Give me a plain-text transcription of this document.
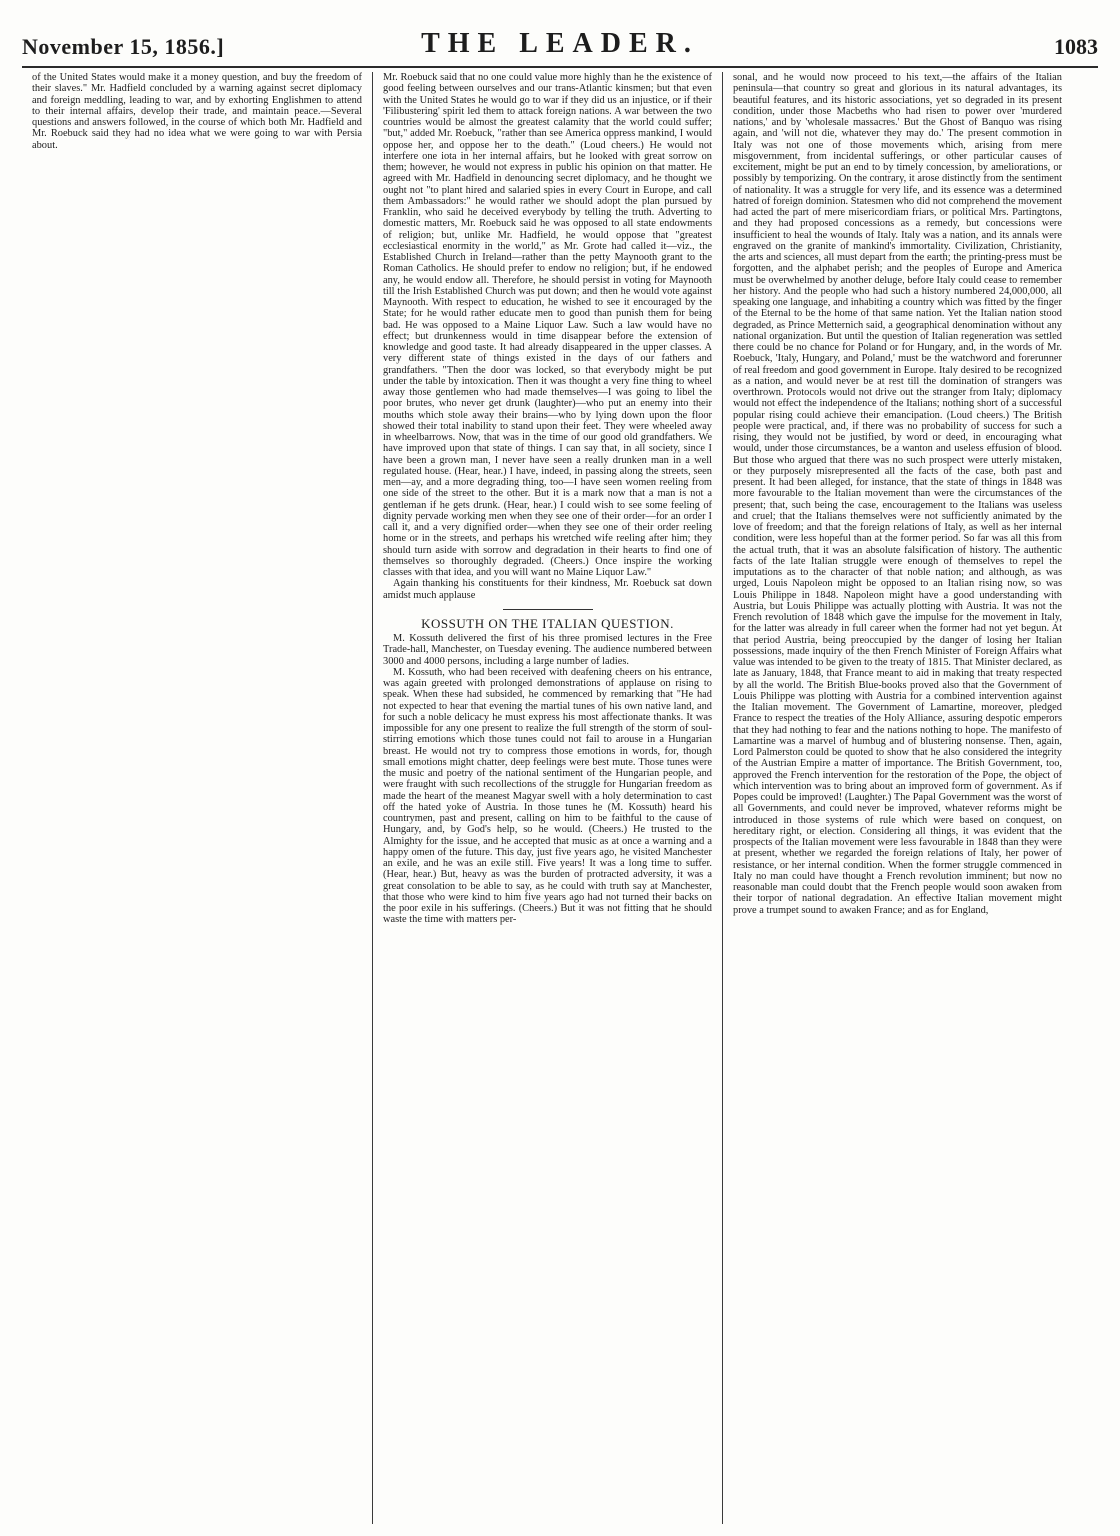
November 15, 1856.]	THE LEADER.	1083

of the United States would make it a money question, and buy the freedom of their slaves." Mr. Hadfield concluded by a warning against secret diplomacy and foreign meddling, leading to war, and by exhorting Englishmen to attend to their internal affairs, develop their trade, and maintain peace.—Several questions and answers followed, in the course of which both Mr. Hadfield and Mr. Roebuck said they had no idea what we were going to war with Persia about.

Mr. Roebuck said that no one could value more highly than he the existence of good feeling between ourselves and our trans-Atlantic kinsmen; but that even with the United States he would go to war if they did us an injustice, or if their 'Filibustering' spirit led them to attack foreign nations. A war between the two countries would be almost the greatest calamity that the world could suffer; "but," added Mr. Roebuck, "rather than see America oppress mankind, I would oppose her, and oppose her to the death." (Loud cheers.) He would not interfere one iota in her internal affairs, but he looked with great sorrow on them; however, he would not express in public his opinion on that matter. He agreed with Mr. Hadfield in denouncing secret diplomacy, and he thought we ought not "to plant hired and salaried spies in every Court in Europe, and call them Ambassadors:" he would rather we should adopt the plan pursued by Franklin, who said he deceived everybody by telling the truth. Adverting to domestic matters, Mr. Roebuck said he was opposed to all state endowments of religion; but, unlike Mr. Hadfield, he would oppose that "greatest ecclesiastical enormity in the world," as Mr. Grote had called it—viz., the Established Church in Ireland—rather than the petty Maynooth grant to the Roman Catholics. He should prefer to endow no religion; but, if he endowed any, he would endow all. Therefore, he should persist in voting for Maynooth till the Irish Established Church was put down; and then he would vote against Maynooth. With respect to education, he wished to see it encouraged by the State; for he would rather educate men to good than punish them for being bad. He was opposed to a Maine Liquor Law. Such a law would have no effect; but drunkenness would in time disappear before the extension of knowledge and good taste. It had already disappeared in the upper classes. A very different state of things existed in the days of our fathers and grandfathers. "Then the door was locked, so that everybody might be put under the table by intoxication. Then it was thought a very fine thing to wheel away those gentlemen who had made themselves—I was going to libel the poor brutes, who never get drunk (laughter)—who put an enemy into their mouths which stole away their brains—who by lying down upon the floor showed their total inability to stand upon their feet. They were wheeled away in wheelbarrows. Now, that was in the time of our good old grandfathers. We have improved upon that state of things. I can say that, in all society, since I have been a grown man, I never have seen a really drunken man in a well regulated house. (Hear, hear.) I have, indeed, in passing along the streets, seen men—ay, and a more degrading thing, too—I have seen women reeling from one side of the street to the other. But it is a mark now that a man is not a gentleman if he gets drunk. (Hear, hear.) I could wish to see some feeling of dignity pervade working men when they see one of their order—for an order I call it, and a very dignified order—when they see one of their order reeling home or in the streets, and perhaps his wretched wife reeling after him; they should turn aside with sorrow and degradation in their hearts to find one of themselves so thoroughly degraded. (Cheers.) Once inspire the working classes with that idea, and you will want no Maine Liquor Law."

Again thanking his constituents for their kindness, Mr. Roebuck sat down amidst much applause

KOSSUTH ON THE ITALIAN QUESTION.

M. Kossuth delivered the first of his three promised lectures in the Free Trade-hall, Manchester, on Tuesday evening. The audience numbered between 3000 and 4000 persons, including a large number of ladies.

M. Kossuth, who had been received with deafening cheers on his entrance, was again greeted with prolonged demonstrations of applause on rising to speak. When these had subsided, he commenced by remarking that "He had not expected to hear that evening the martial tunes of his own native land, and for such a noble delicacy he must express his most affectionate thanks. It was impossible for any one present to realize the full strength of the storm of soul-stirring emotions which those tunes could not fail to arouse in a Hungarian breast. He would not try to compress those emotions in words, for, though small emotions might chatter, deep feelings were best mute. Those tunes were the music and poetry of the national sentiment of the Hungarian people, and were fraught with such recollections of the struggle for Hungarian freedom as made the heart of the meanest Magyar swell with a holy determination to cast off the hated yoke of Austria. In those tunes he (M. Kossuth) heard his countrymen, past and present, calling on him to be faithful to the cause of Hungary, and, by God's help, so he would. (Cheers.) He trusted to the Almighty for the issue, and he accepted that music as at once a warning and a happy omen of the future. This day, just five years ago, he visited Manchester an exile, and he was an exile still. Five years! It was a long time to suffer. (Hear, hear.) But, heavy as was the burden of protracted adversity, it was a great consolation to be able to say, as he could with truth say at Manchester, that those who were kind to him five years ago had not turned their backs on the poor exile in his sufferings. (Cheers.) But it was not fitting that he should waste the time with matters per-

sonal, and he would now proceed to his text,—the affairs of the Italian peninsula—that country so great and glorious in its natural advantages, its beautiful features, and its historic associations, yet so degraded in its present condition, under those Macbeths who had risen to power over 'murdered nations,' and by 'wholesale massacres.' But the Ghost of Banquo was rising again, and 'will not die, whatever they may do.' The present commotion in Italy was not one of those movements which, arising from mere misgovernment, from incidental sufferings, or other particular causes of excitement, might be put an end to by timely concession, by ameliorations, or possibly by temporizing. On the contrary, it arose distinctly from the sentiment of nationality. It was a struggle for very life, and its essence was a determined hatred of foreign dominion. Statesmen who did not comprehend the movement had acted the part of mere misericordiam friars, or political Mrs. Partingtons, and they had proposed concessions as a remedy, but concessions were insufficient to heal the wounds of Italy. Italy was a nation, and its annals were engraved on the granite of mankind's immortality. Civilization, Christianity, the arts and sciences, all must depart from the earth; the printing-press must be forgotten, and the alphabet perish; and the peoples of Europe and America must be overwhelmed by another deluge, before Italy could cease to remember her history. And the people who had such a history numbered 24,000,000, all speaking one language, and inhabiting a country which was fitted by the finger of the Eternal to be the home of that same nation. Yet the Italian nation stood degraded, as Prince Metternich said, a geographical denomination without any national organization. But until the question of Italian regeneration was settled there could be no chance for Poland or for Hungary, and, in the words of Mr. Roebuck, 'Italy, Hungary, and Poland,' must be the watchword and forerunner of real freedom and good government in Europe. Italy desired to be recognized as a nation, and would never be at rest till the domination of strangers was overthrown. Protocols would not drive out the stranger from Italy; diplomacy would not effect the independence of the Italians; nothing short of a successful popular rising could achieve their emancipation. (Loud cheers.) The British people were practical, and, if there was no probability of success for such a rising, they would not be justified, by word or deed, in encouraging what would, under those circumstances, be a wanton and useless effusion of blood. But those who argued that there was no such prospect were utterly mistaken, or they purposely misrepresented all the facts of the case, both past and present. It had been alleged, for instance, that the state of things in 1848 was more favourable to the Italian movement than were the circumstances of the present; that, such being the case, encouragement to the Italians was useless and cruel; that the Italians themselves were not sufficiently animated by the love of freedom; and that the foreign relations of Italy, as well as her internal condition, were less hopeful than at the former period. So far was all this from the actual truth, that it was an absolute falsification of history. The authentic facts of the late Italian struggle were enough of themselves to repel the imputations as to the character of that noble nation; and although, as was urged, Louis Napoleon might be opposed to an Italian rising now, so was Louis Philippe in 1848. Napoleon might have a good understanding with Austria, but Louis Philippe was actually plotting with Austria. It was not the French revolution of 1848 which gave the impulse for the movement in Italy, for the latter was already in full career when the former had not yet begun. At that period Austria, being preoccupied by the danger of losing her Italian possessions, made inquiry of the then French Minister of Foreign Affairs what value was intended to be given to the treaty of 1815. That Minister declared, as late as January, 1848, that France meant to aid in making that treaty respected by all the world. The British Blue-books proved also that the Government of Louis Philippe was plotting with Austria for a combined intervention against the Italian movement. The Government of Lamartine, moreover, pledged France to respect the treaties of the Holy Alliance, assuring despotic emperors that they had nothing to fear and the nations nothing to hope. The manifesto of Lamartine was a marvel of humbug and of blustering nonsense. Then, again, Lord Palmerston could be quoted to show that he also considered the integrity of the Austrian Empire a matter of importance. The British Government, too, approved the French intervention for the restoration of the Pope, the object of which intervention was to bring about an improved form of government. As if Popes could be improved! (Laughter.) The Papal Government was the worst of all Governments, and could never be improved, whatever reforms might be introduced in those systems of rule which were based on conquest, on hereditary right, or election. Considering all things, it was evident that the prospects of the Italian movement were less favourable in 1848 than they were at present, whether we regarded the foreign relations of Italy, her power of resistance, or her internal condition. When the former struggle commenced in Italy no man could have thought a French revolution imminent; but now no reasonable man could doubt that the French people would soon awaken from their torpor of national degradation. An effective Italian movement might prove a trumpet sound to awaken France; and as for England,
